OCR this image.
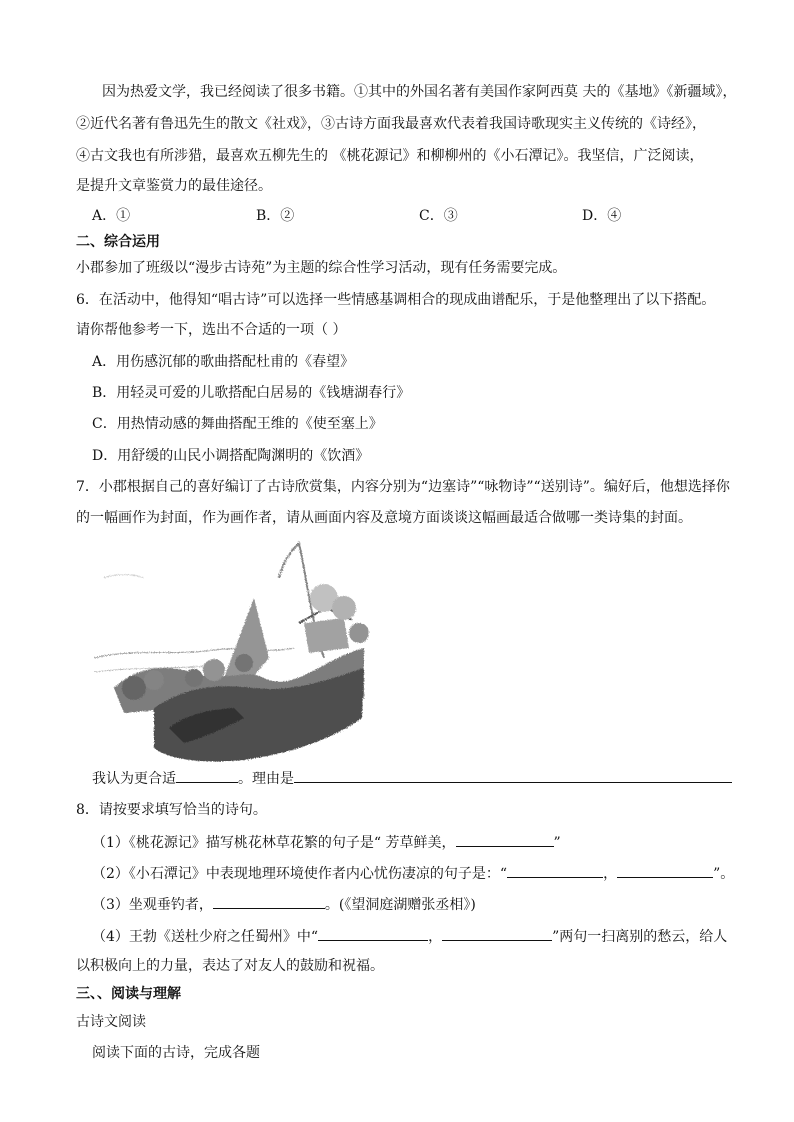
因为热爱文学，我已经阅读了很多书籍。①其中的外国名著有美国作家阿西莫 夫的《基地》《新疆域》，
②近代名著有鲁迅先生的散文《社戏》，③古诗方面我最喜欢代表着我国诗歌现实主义传统的《诗经》，
④古文我也有所涉猎，最喜欢五柳先生的 《桃花源记》和柳柳州的《小石潭记》。我坚信，广泛阅读，
是提升文章鉴赏力的最佳途径。
A．①	B．②	C．③	D．④
二、综合运用
小郡参加了班级以“漫步古诗苑”为主题的综合性学习活动，现有任务需要完成。
6．在活动中，他得知“唱古诗”可以选择一些情感基调相合的现成曲谱配乐，于是他整理出了以下搭配。
请你帮他参考一下，选出不合适的一项（ ）
A．用伤感沉郁的歌曲搭配杜甫的《春望》
B．用轻灵可爱的儿歌搭配白居易的《钱塘湖春行》
C．用热情动感的舞曲搭配王维的《使至塞上》
D．用舒缓的山民小调搭配陶渊明的《饮酒》
7．小郡根据自己的喜好编订了古诗欣赏集，内容分别为“边塞诗”“咏物诗”“送别诗”。编好后，他想选择你
的一幅画作为封面，作为画作者，请从画面内容及意境方面谈谈这幅画最适合做哪一类诗集的封面。
我认为更合适	。理由是
8．请按要求填写恰当的诗句。
（1）《桃花源记》描写桃花林草花繁的句子是“ 芳草鲜美，	”
（2）《小石潭记》中表现地理环境使作者内心忧伤凄凉的句子是：“	，	”。
（3）坐观垂钓者，	。(《望洞庭湖赠张丞相》)
（4）王勃《送杜少府之任蜀州》中“	，	”两句一扫离别的愁云，给人
以积极向上的力量，表达了对友人的鼓励和祝福。
三、、阅读与理解
古诗文阅读
阅读下面的古诗，完成各题
